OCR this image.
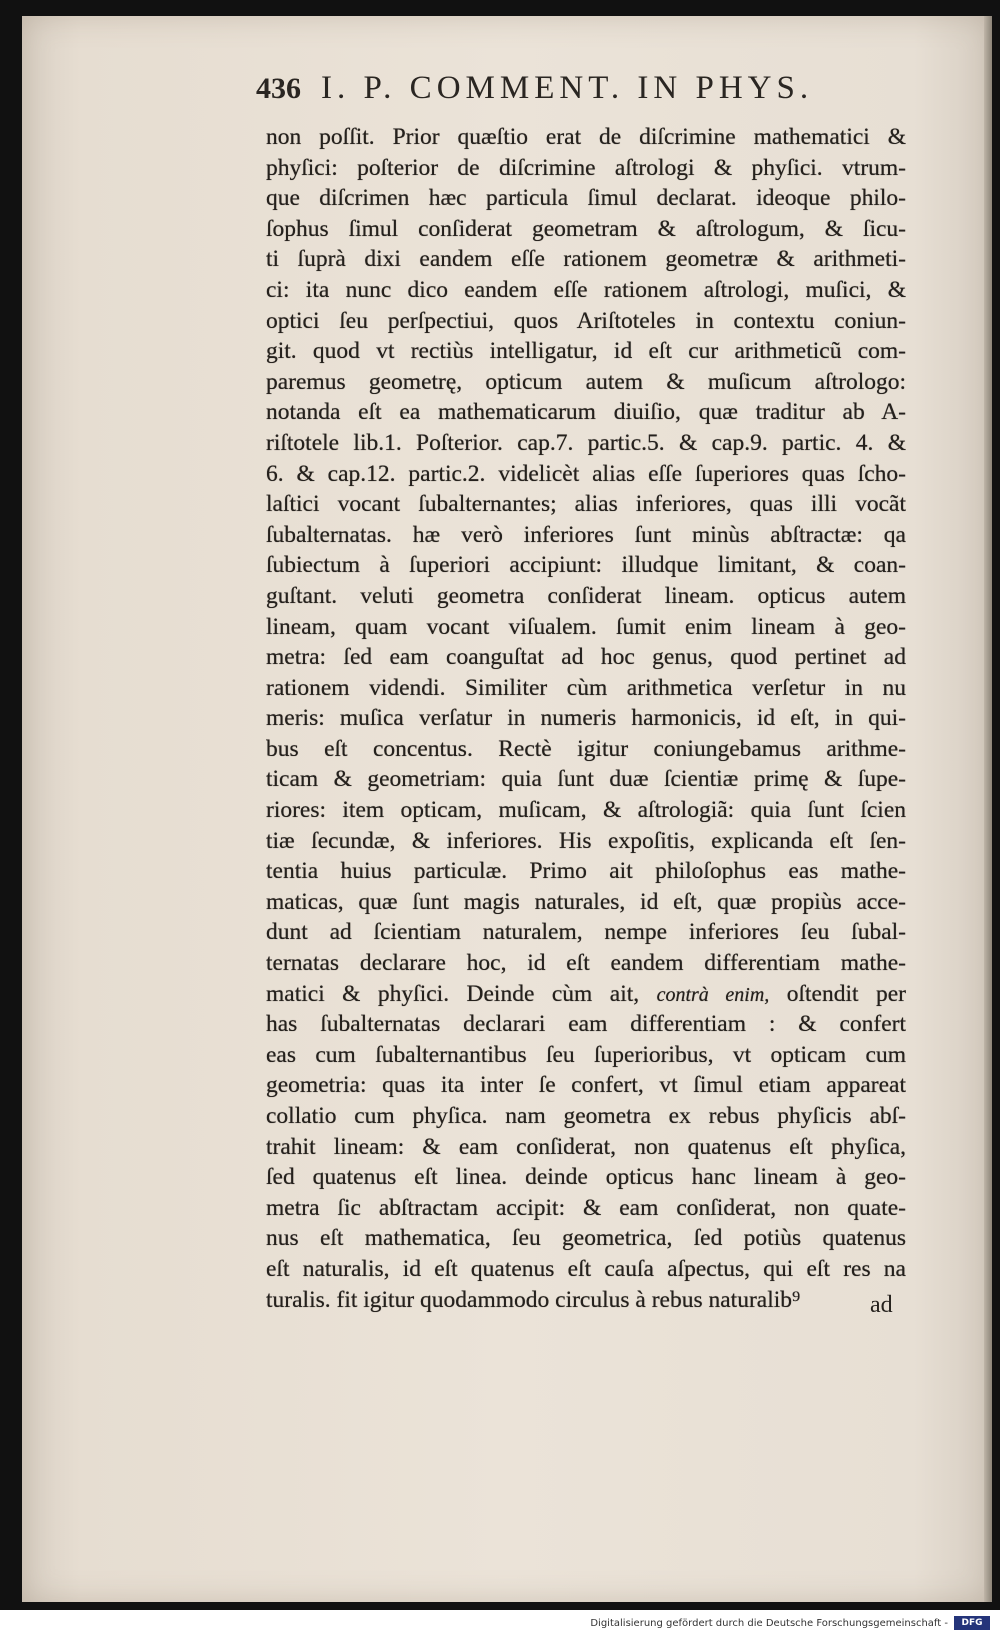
436 I. P. COMMENT. IN PHYS.
non poſſit. Prior quæſtio erat de diſcrimine mathematici &
phyſici: poſterior de diſcrimine aſtrologi & phyſici. vtrum-
que diſcrimen hæc particula ſimul declarat. ideoque philo-
ſophus ſimul conſiderat geometram & aſtrologum, & ſicu-
ti ſuprà dixi eandem eſſe rationem geometræ & arithmeti-
ci: ita nunc dico eandem eſſe rationem aſtrologi, muſici, &
optici ſeu perſpectiui, quos Ariſtoteles in contextu coniun-
git. quod vt rectiùs intelligatur, id eſt cur arithmeticũ com-
paremus geometrę, opticum autem & muſicum aſtrologo:
notanda eſt ea mathematicarum diuiſio, quæ traditur ab A-
riſtotele lib.1. Poſterior. cap.7. partic.5. & cap.9. partic. 4. &
6. & cap.12. partic.2. videlicèt alias eſſe ſuperiores quas ſcho-
laſtici vocant ſubalternantes; alias inferiores, quas illi vocãt
ſubalternatas. hæ verò inferiores ſunt minùs abſtractæ: qa
ſubiectum à ſuperiori accipiunt: illudque limitant, & coan-
guſtant. veluti geometra conſiderat lineam. opticus autem
lineam, quam vocant viſualem. ſumit enim lineam à geo-
metra: ſed eam coanguſtat ad hoc genus, quod pertinet ad
rationem videndi. Similiter cùm arithmetica verſetur in nu
meris: muſica verſatur in numeris harmonicis, id eſt, in qui-
bus eſt concentus. Rectè igitur coniungebamus arithme-
ticam & geometriam: quia ſunt duæ ſcientiæ primę & ſupe-
riores: item opticam, muſicam, & aſtrologiã: quia ſunt ſcien
tiæ ſecundæ, & inferiores. His expoſitis, explicanda eſt ſen-
tentia huius particulæ. Primo ait philoſophus eas mathe-
maticas, quæ ſunt magis naturales, id eſt, quæ propiùs acce-
dunt ad ſcientiam naturalem, nempe inferiores ſeu ſubal-
ternatas declarare hoc, id eſt eandem differentiam mathe-
matici & phyſici. Deinde cùm ait, contrà enim, oſtendit per
has ſubalternatas declarari eam differentiam : & confert
eas cum ſubalternantibus ſeu ſuperioribus, vt opticam cum
geometria: quas ita inter ſe confert, vt ſimul etiam appareat
collatio cum phyſica. nam geometra ex rebus phyſicis abſ-
trahit lineam: & eam conſiderat, non quatenus eſt phyſica,
ſed quatenus eſt linea. deinde opticus hanc lineam à geo-
metra ſic abſtractam accipit: & eam conſiderat, non quate-
nus eſt mathematica, ſeu geometrica, ſed potiùs quatenus
eſt naturalis, id eſt quatenus eſt cauſa aſpectus, qui eſt res na
turalis. fit igitur quodammodo circulus à rebus naturalib⁹	ad
Digitalisierung gefördert durch die Deutsche Forschungsgemeinschaft -	DFG
